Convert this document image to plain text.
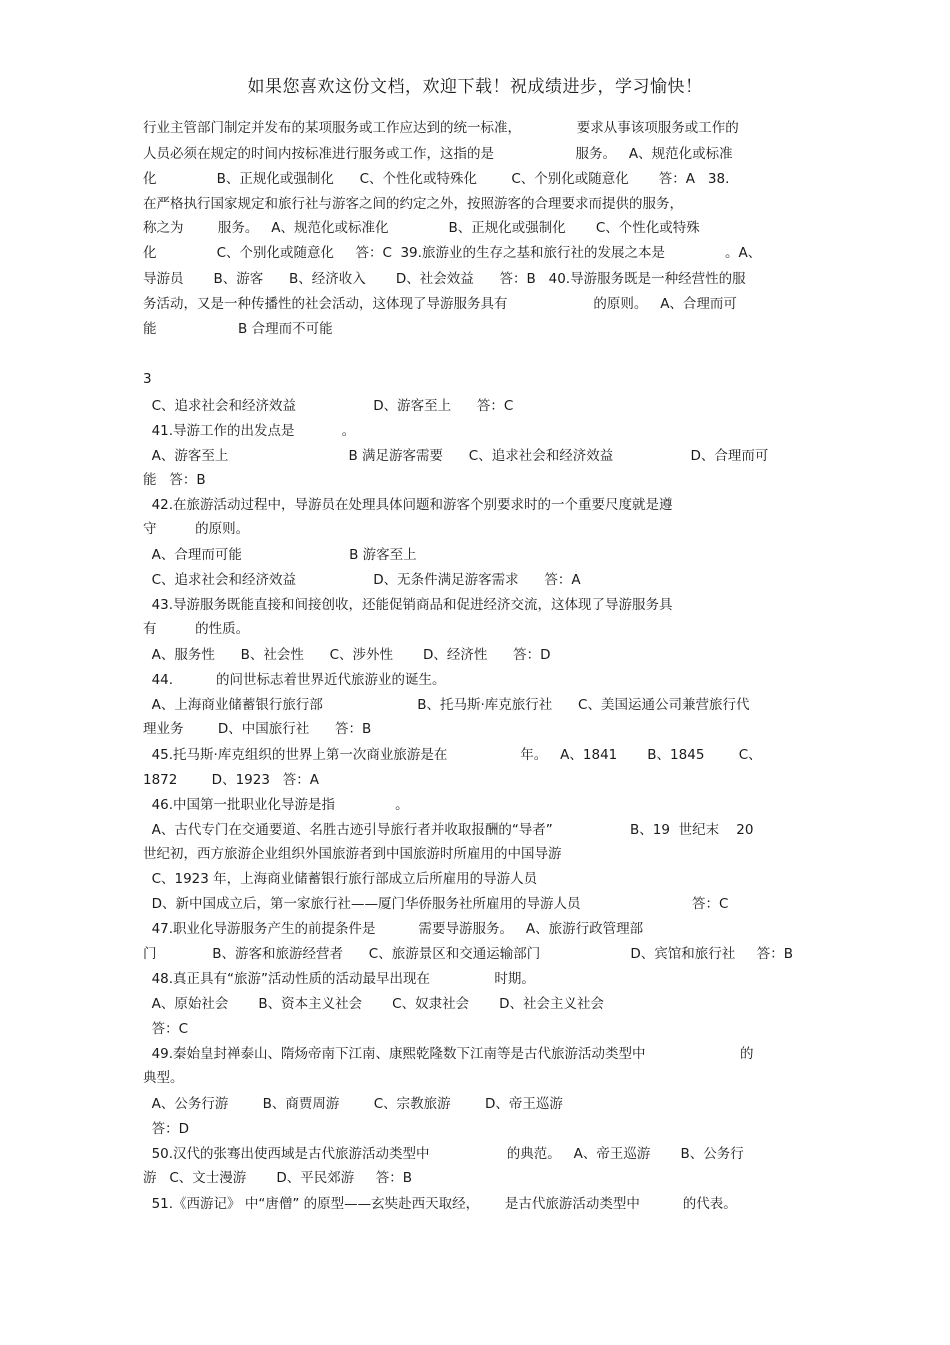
如果您喜欢这份文档，欢迎下载！祝成绩进步，学习愉快！
行业主管部门制定并发布的某项服务或工作应达到的统一标准，             要求从事该项服务或工作的
人员必须在规定的时间内按标准进行服务或工作，这指的是                   服务。   A、规范化或标准
化              B、正规化或强制化      C、个性化或特殊化        C、个别化或随意化       答：A   38.
在严格执行国家规定和旅行社与游客之间的约定之外，按照游客的合理要求而提供的服务，
称之为        服务。   A、规范化或标准化              B、正规化或强制化       C、个性化或特殊
化              C、个别化或随意化     答：C  39.旅游业的生存之基和旅行社的发展之本是              。A、
导游员       B、游客      B、经济收入       D、社会效益      答：B   40.导游服务既是一种经营性的服
务活动，又是一种传播性的社会活动，这体现了导游服务具有                    的原则。   A、合理而可
能                   B 合理而不可能
3
C、追求社会和经济效益                  D、游客至上      答：C
41.导游工作的出发点是           。
A、游客至上                            B 满足游客需要      C、追求社会和经济效益                  D、合理而可
能   答：B
42.在旅游活动过程中，导游员在处理具体问题和游客个别要求时的一个重要尺度就是遵
守         的原则。
A、合理而可能                         B 游客至上
C、追求社会和经济效益                  D、无条件满足游客需求      答：A
43.导游服务既能直接和间接创收，还能促销商品和促进经济交流，这体现了导游服务具
有         的性质。
A、服务性      B、社会性      C、涉外性       D、经济性      答：D
44.          的问世标志着世界近代旅游业的诞生。
A、上海商业储蓄银行旅行部                      B、托马斯·库克旅行社      C、美国运通公司兼营旅行代
理业务        D、中国旅行社      答：B
45.托马斯·库克组织的世界上第一次商业旅游是在                 年。   A、1841       B、1845        C、
1872        D、1923   答：A
46.中国第一批职业化导游是指              。
A、古代专门在交通要道、名胜古迹引导旅行者并收取报酬的“导者”                  B、19  世纪末    20
世纪初，西方旅游企业组织外国旅游者到中国旅游时所雇用的中国导游
C、1923 年，上海商业储蓄银行旅行部成立后所雇用的导游人员
D、新中国成立后，第一家旅行社——厦门华侨服务社所雇用的导游人员                          答：C
47.职业化导游服务产生的前提条件是          需要导游服务。   A、旅游行政管理部
门             B、游客和旅游经营者      C、旅游景区和交通运输部门                     D、宾馆和旅行社     答：B
48.真正具有“旅游”活动性质的活动最早出现在               时期。
A、原始社会       B、资本主义社会       C、奴隶社会       D、社会主义社会
答：C
49.秦始皇封禅泰山、隋炀帝南下江南、康熙乾隆数下江南等是古代旅游活动类型中                      的
典型。
A、公务行游        B、商贾周游        C、宗教旅游        D、帝王巡游
答：D
50.汉代的张骞出使西域是古代旅游活动类型中                  的典范。   A、帝王巡游       B、公务行
游   C、文士漫游       D、平民郊游     答：B
51.《西游记》 中“唐僧” 的原型——玄奘赴西天取经，      是古代旅游活动类型中          的代表。
